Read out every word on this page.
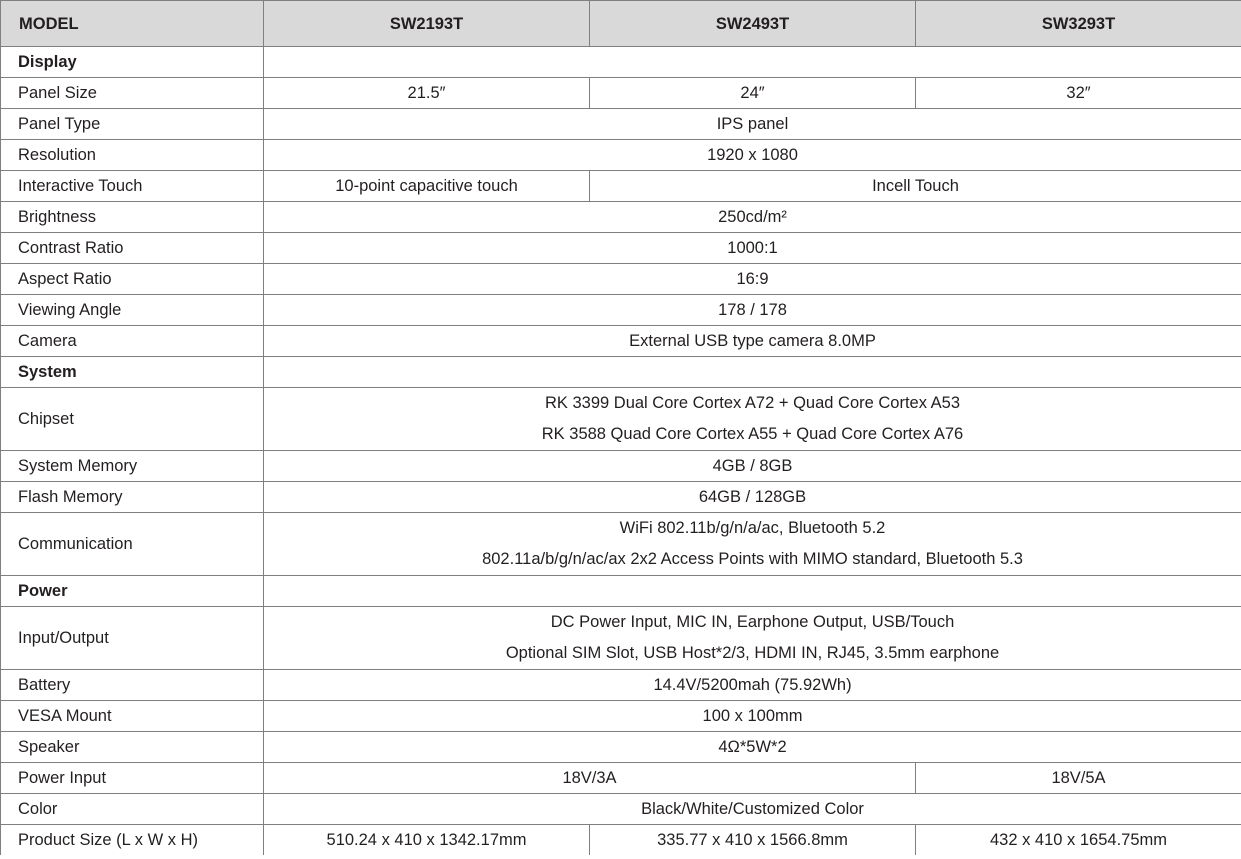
MODEL	SW2193T	SW2493T	SW3293T
Display			
Panel Size	21.5″	24″	32″
Panel Type	IPS panel		
Resolution	1920 x 1080		
Interactive Touch	10-point capacitive touch	Incell Touch	
Brightness	250cd/m²		
Contrast Ratio	1000:1		
Aspect Ratio	16:9		
Viewing Angle	178 / 178		
Camera	External USB type camera 8.0MP		
System			
Chipset	RK 3399 Dual Core Cortex A72 + Quad Core Cortex A53
RK 3588 Quad Core Cortex A55 + Quad Core Cortex A76		

System Memory	4GB / 8GB		
Flash Memory	64GB / 128GB		
Communication	WiFi 802.11b/g/n/a/ac, Bluetooth 5.2
802.11a/b/g/n/ac/ax 2x2 Access Points with MIMO standard, Bluetooth 5.3		

Power			
Input/Output	DC Power Input, MIC IN, Earphone Output, USB/Touch
Optional SIM Slot, USB Host*2/3, HDMI IN, RJ45, 3.5mm earphone		

Battery	14.4V/5200mah (75.92Wh)		
VESA Mount	100 x 100mm		
Speaker	4Ω*5W*2		
Power Input	18V/3A		18V/5A
Color	Black/White/Customized Color		
Product Size (L x W x H)	510.24 x 410 x 1342.17mm	335.77 x 410 x 1566.8mm	432 x 410 x 1654.75mm
